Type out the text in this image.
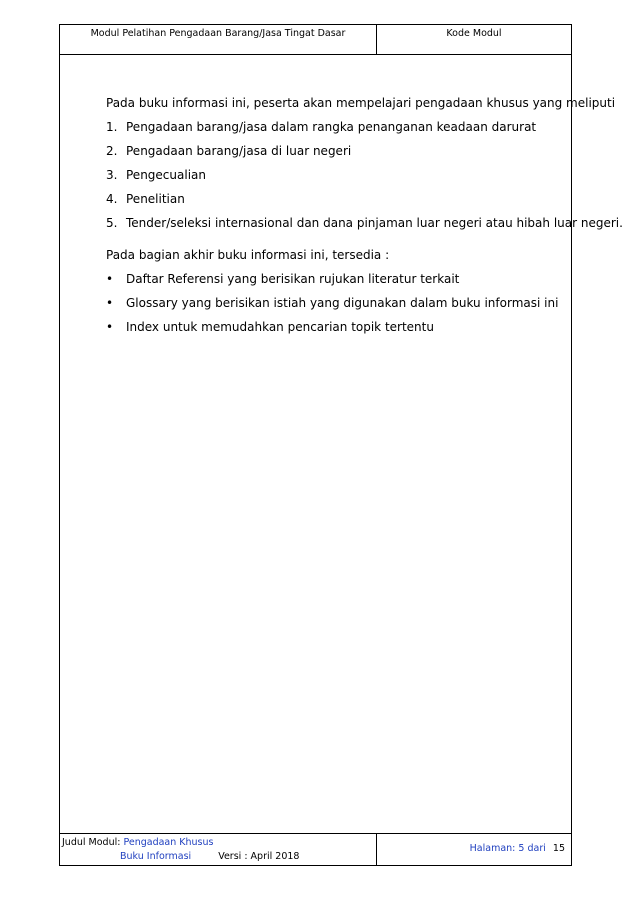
Modul Pelatihan Pengadaan Barang/Jasa Tingat Dasar	Kode Modul

Pada buku informasi ini, peserta akan mempelajari pengadaan khusus yang meliputi

1. Pengadaan barang/jasa dalam rangka penanganan keadaan darurat
2. Pengadaan barang/jasa di luar negeri
3. Pengecualian
4. Penelitian
5. Tender/seleksi internasional dan dana pinjaman luar negeri atau hibah luar negeri.

Pada bagian akhir buku informasi ini, tersedia :

•	Daftar Referensi yang berisikan rujukan literatur terkait
•	Glossary yang berisikan istiah yang digunakan dalam buku informasi ini
•	Index untuk memudahkan pencarian topik tertentu
Judul Modul: Pengadaan Khusus
Buku Informasi	Versi : April 2018
Halaman: 5 dari 15
